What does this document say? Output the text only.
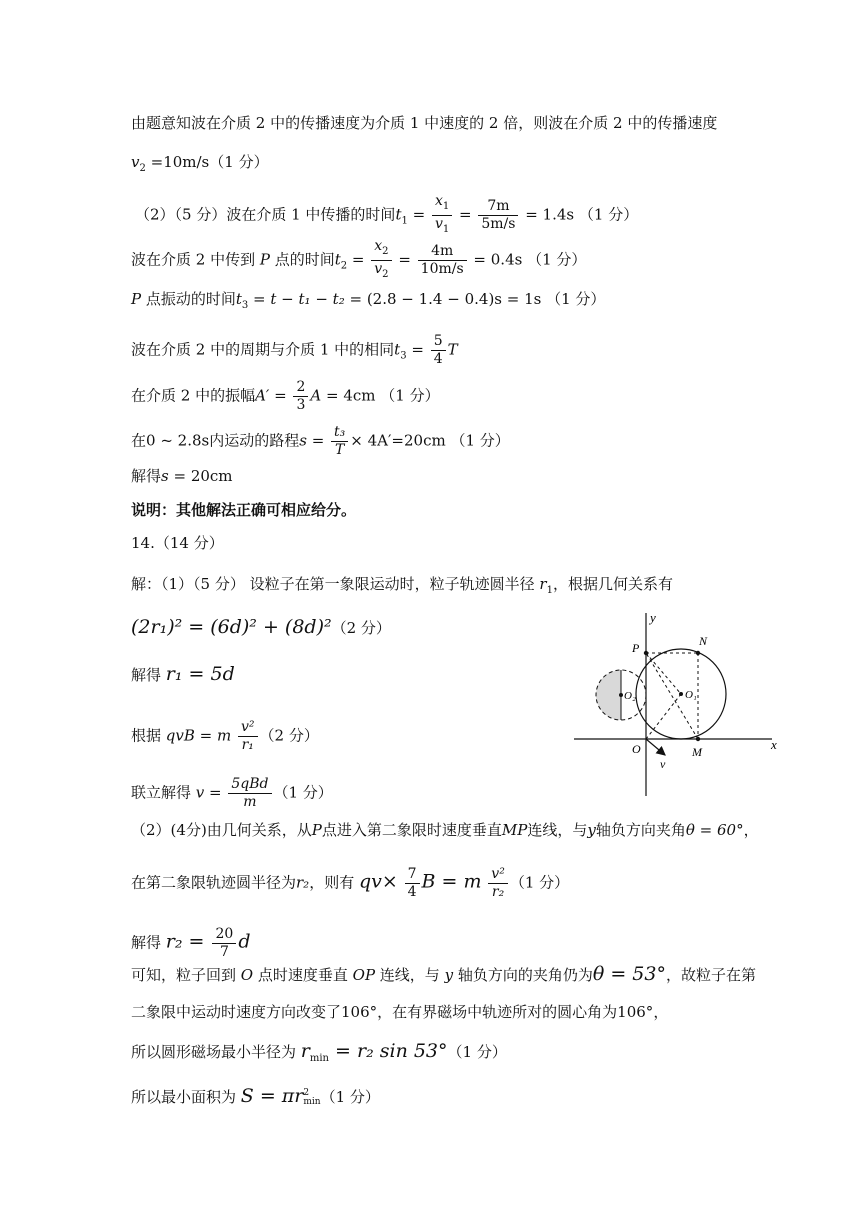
由题意知波在介质 2 中的传播速度为介质 1 中速度的 2 倍，则波在介质 2 中的传播速度
$v_2 =10m/s(1$ 分）
（2）（5 分）波在介质 1 中传播的时间$t_1 = \frac{x_1}{v_1} = \frac{7m}{5m/s} = 1.4s$ （1 分）
波在介质 2 中传到 P 点的时间$t_2 = \frac{x_2}{v_2} = \frac{4m}{10m/s} = 0.4s$ （1 分）
P 点振动的时间$t_3 = t - t_1 - t_2 = (2.8 - 1.4 - 0.4)s = 1s$ （1 分）
波在介质 2 中的周期与介质 1 中的相同$t_3 = \frac{5}{4}$ T
在介质 2 中的振幅$A' = \frac{2}{3}$ A = 4cm （1 分）
在0 ~ 2.8s内运动的路程$s = \frac{\text{t₃}}{T} \times 4A'=20cm$ （1 分）
解得s = 20cm
说明：其他解法正确可相应给分。
14.（14 分）
解：（1）（5 分） 设粒子在第一象限运动时，粒子轨迹圆半径 $r_1$，根据几何关系有
(2r₁)² = (6d)² + (8d)²（2 分）
解得 r₁ = 5d
根据 qvB = m $\frac{\text{v²}}{\text{r₁}} (2$ 分）
联立解得 $v = \frac{\text{5qBd}}{m} (1$ 分）
（2）(4分)由几何关系，从P点进入第二象限时速度垂直MP连线，与y轴负方向夹角θ = 60°，
在第二象限轨迹圆半径为r₂，则有 $qv\times \frac{7}{4}$ B = m $\frac{\text{v²}}{\text{r₂}} (1$ 分）
解得 $r_2 = \frac{20}{7}$ d
可知，粒子回到 O 点时速度垂直 OP 连线，与 y 轴负方向的夹角仍为θ = 53°，故粒子在第
二象限中运动时速度方向改变了106°，在有界磁场中轨迹所对的圆心角为106°，
所以圆形磁场最小半径为 $r_{min} = r_2$ sin 53°（1 分）
所以最小面积为 S = πr 2
min （1 分）
y
x
P	N
O	M
O₁
O₂
v
